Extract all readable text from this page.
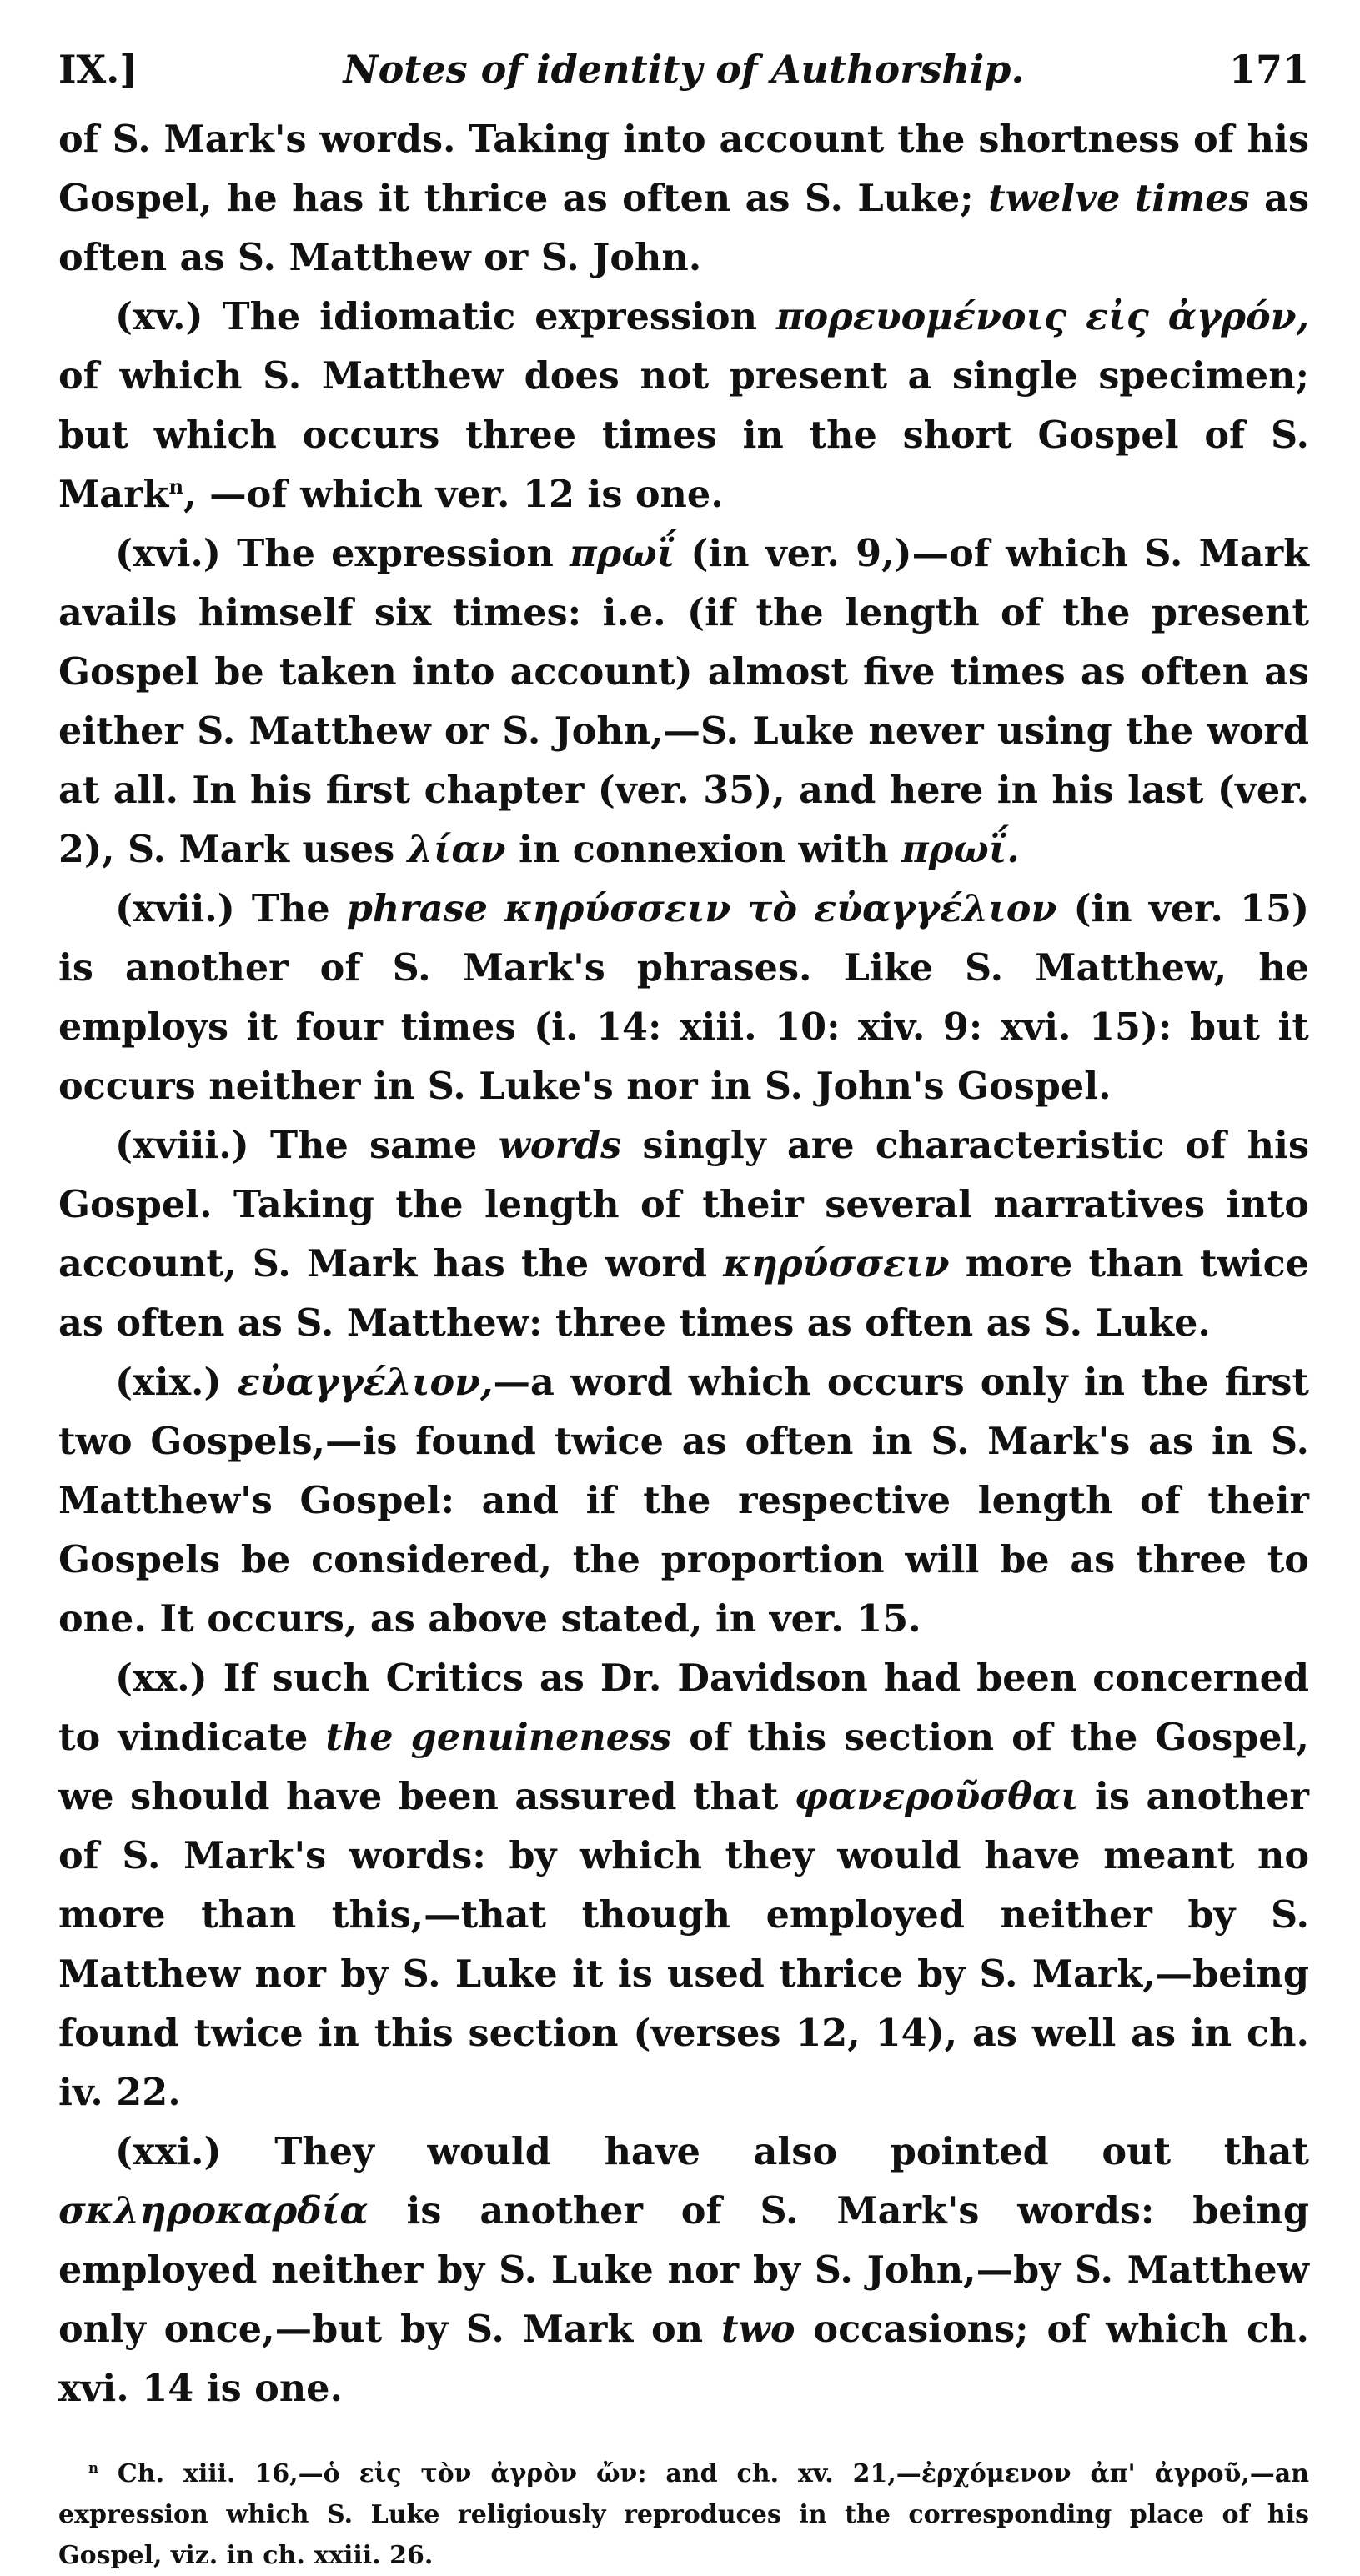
IX.]	Notes of identity of Authorship.	171

of S. Mark's words. Taking into account the shortness of his Gospel, he has it thrice as often as S. Luke; twelve times as often as S. Matthew or S. John.

(xv.) The idiomatic expression πορευομένοις εἰς ἀγρόν, of which S. Matthew does not present a single specimen; but which occurs three times in the short Gospel of S. Mark$^n$, —of which ver. 12 is one.

(xvi.) The expression πρωΐ (in ver. 9,)—of which S. Mark avails himself six times: i.e. (if the length of the present Gospel be taken into account) almost five times as often as either S. Matthew or S. John,—S. Luke never using the word at all. In his first chapter (ver. 35), and here in his last (ver. 2), S. Mark uses λίαν in connexion with πρωΐ.

(xvii.) The phrase κηρύσσειν τὸ εὐαγγέλιον (in ver. 15) is another of S. Mark's phrases. Like S. Matthew, he employs it four times (i. 14: xiii. 10: xiv. 9: xvi. 15): but it occurs neither in S. Luke's nor in S. John's Gospel.

(xviii.) The same words singly are characteristic of his Gospel. Taking the length of their several narratives into account, S. Mark has the word κηρύσσειν more than twice as often as S. Matthew: three times as often as S. Luke.

(xix.) εὐαγγέλιον,—a word which occurs only in the first two Gospels,—is found twice as often in S. Mark's as in S. Matthew's Gospel: and if the respective length of their Gospels be considered, the proportion will be as three to one. It occurs, as above stated, in ver. 15.

(xx.) If such Critics as Dr. Davidson had been concerned to vindicate the genuineness of this section of the Gospel, we should have been assured that φανεροῦσθαι is another of S. Mark's words: by which they would have meant no more than this,—that though employed neither by S. Matthew nor by S. Luke it is used thrice by S. Mark,—being found twice in this section (verses 12, 14), as well as in ch. iv. 22.

(xxi.) They would have also pointed out that σκληροκαρδία is another of S. Mark's words: being employed neither by S. Luke nor by S. John,—by S. Matthew only once,—but by S. Mark on two occasions; of which ch. xvi. 14 is one.

$^n$ Ch. xiii. 16,—ὁ εἰς τὸν ἀγρὸν ὤν: and ch. xv. 21,—ἐρχόμενον ἀπ' ἀγροῦ,—an expression which S. Luke religiously reproduces in the corresponding place of his Gospel, viz. in ch. xxiii. 26.
